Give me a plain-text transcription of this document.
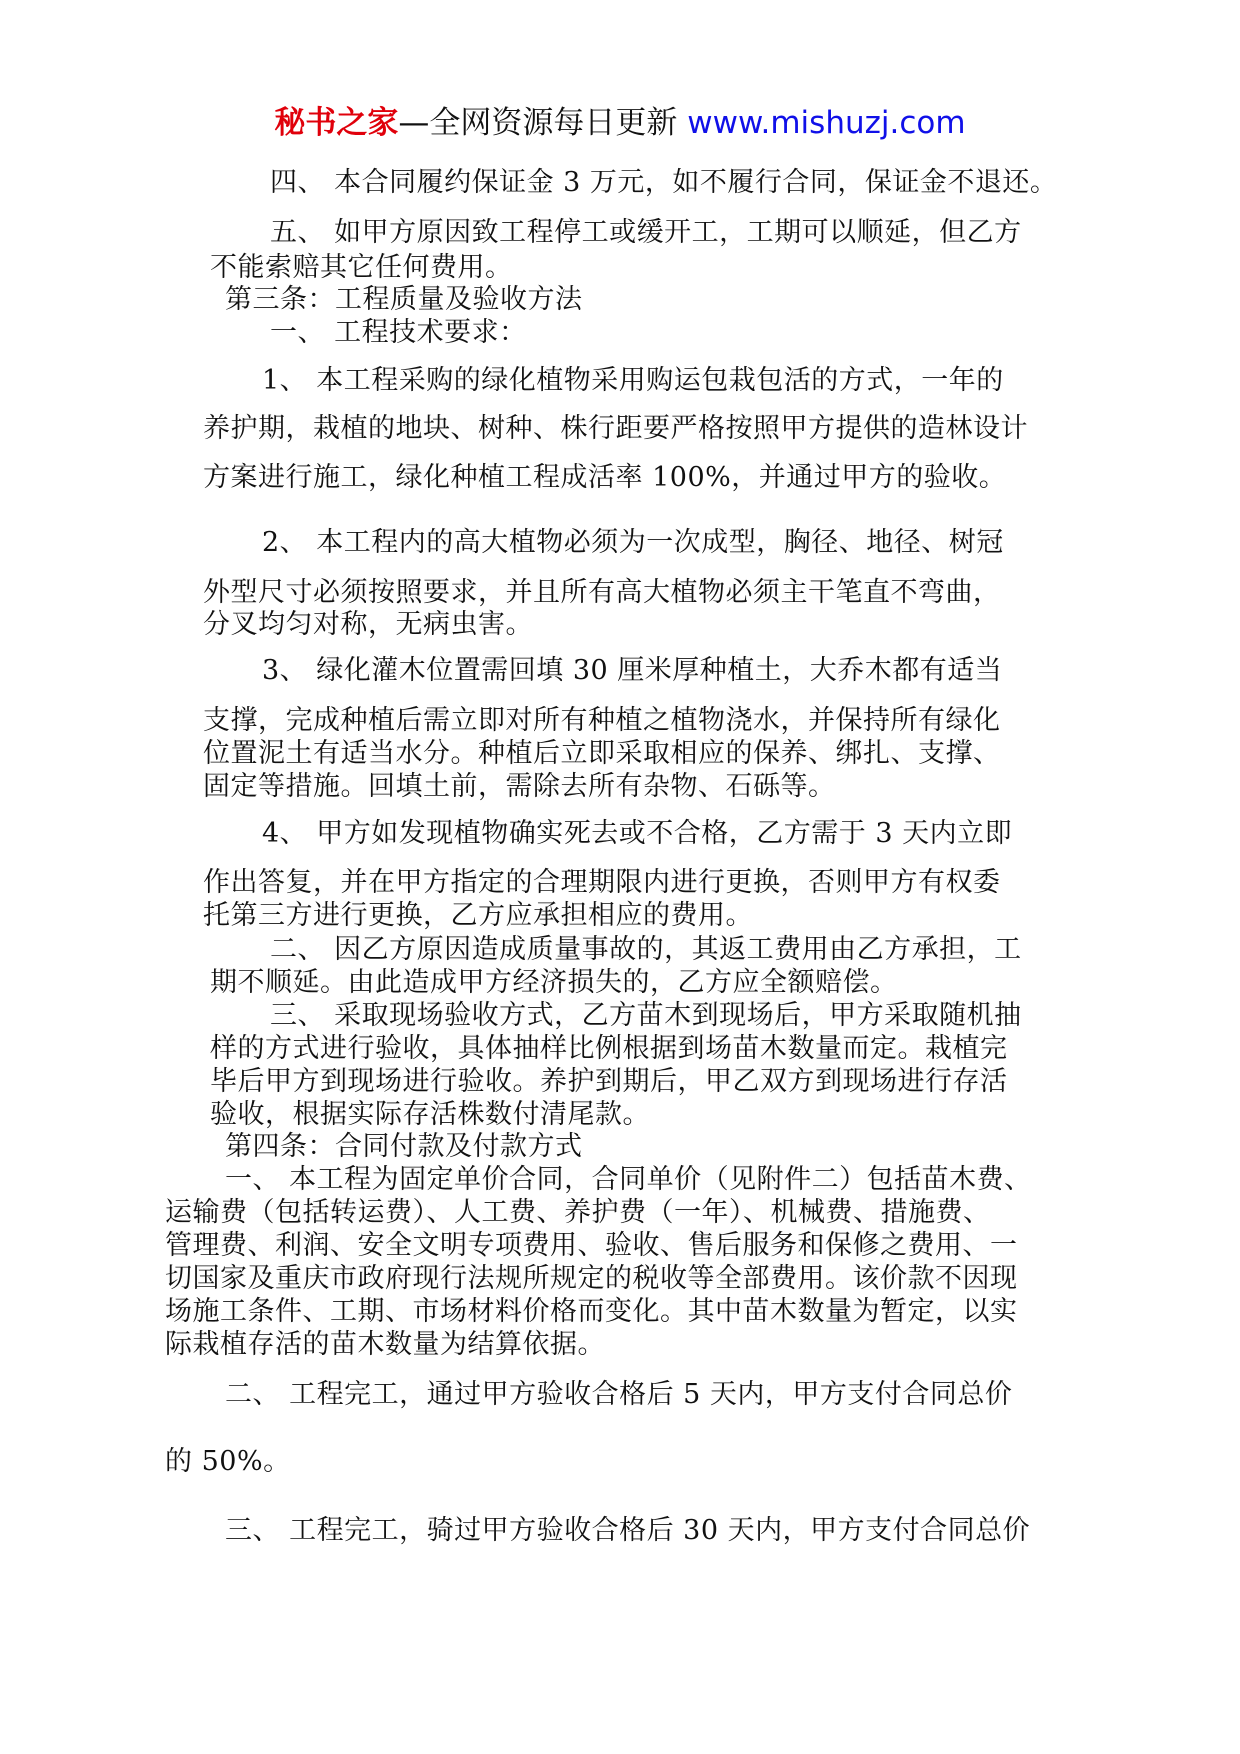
秘书之家—全网资源每日更新 www.mishuzj.com
四、 本合同履约保证金 3 万元，如不履行合同，保证金不退还。
五、 如甲方原因致工程停工或缓开工，工期可以顺延，但乙方
不能索赔其它任何费用。
第三条：工程质量及验收方法
一、 工程技术要求：
1、 本工程采购的绿化植物采用购运包栽包活的方式，一年的
养护期，栽植的地块、树种、株行距要严格按照甲方提供的造林设计
方案进行施工，绿化种植工程成活率 100%，并通过甲方的验收。
2、 本工程内的高大植物必须为一次成型，胸径、地径、树冠
外型尺寸必须按照要求，并且所有高大植物必须主干笔直不弯曲，
分叉均匀对称，无病虫害。
3、 绿化灌木位置需回填 30 厘米厚种植土，大乔木都有适当
支撑，完成种植后需立即对所有种植之植物浇水，并保持所有绿化
位置泥土有适当水分。种植后立即采取相应的保养、绑扎、支撑、
固定等措施。回填土前，需除去所有杂物、石砾等。
4、 甲方如发现植物确实死去或不合格，乙方需于 3 天内立即
作出答复，并在甲方指定的合理期限内进行更换，否则甲方有权委
托第三方进行更换，乙方应承担相应的费用。
二、 因乙方原因造成质量事故的，其返工费用由乙方承担，工
期不顺延。由此造成甲方经济损失的，乙方应全额赔偿。
三、 采取现场验收方式，乙方苗木到现场后，甲方采取随机抽
样的方式进行验收，具体抽样比例根据到场苗木数量而定。栽植完
毕后甲方到现场进行验收。养护到期后，甲乙双方到现场进行存活
验收，根据实际存活株数付清尾款。
第四条：合同付款及付款方式
一、 本工程为固定单价合同，合同单价（见附件二）包括苗木费、
运输费（包括转运费）、人工费、养护费（一年）、机械费、措施费、
管理费、利润、安全文明专项费用、验收、售后服务和保修之费用、一
切国家及重庆市政府现行法规所规定的税收等全部费用。该价款不因现
场施工条件、工期、市场材料价格而变化。其中苗木数量为暂定，以实
际栽植存活的苗木数量为结算依据。
二、 工程完工，通过甲方验收合格后 5 天内，甲方支付合同总价
的 50%。
三、 工程完工，骑过甲方验收合格后 30 天内，甲方支付合同总价
